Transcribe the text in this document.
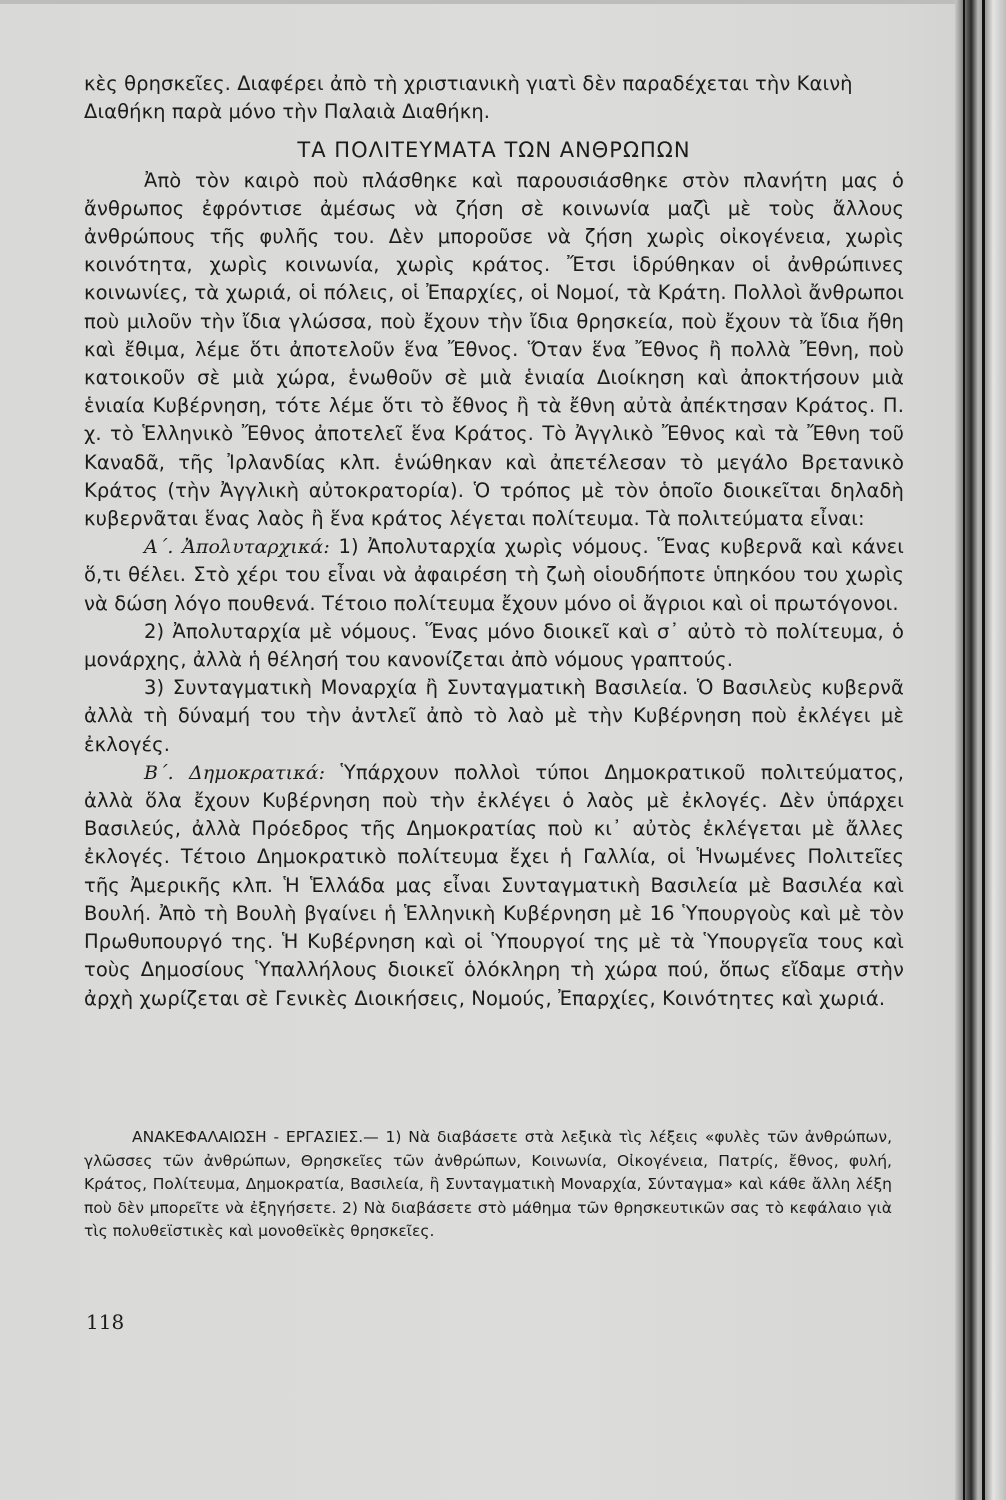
κὲς θρησκεῖες. Διαφέρει ἀπὸ τὴ χριστιανικὴ γιατὶ δὲν παραδέχεται τὴν Καινὴ
Διαθήκη παρὰ μόνο τὴν Παλαιὰ Διαθήκη.

ΤΑ ΠΟΛΙΤΕΥΜΑΤΑ ΤΩΝ ΑΝΘΡΩΠΩΝ

Ἀπὸ τὸν καιρὸ ποὺ πλάσθηκε καὶ παρουσιάσθηκε στὸν πλανήτη μας ὁ ἄνθρωπος ἐφρόντισε ἀμέσως νὰ ζήση σὲ κοινωνία μαζὶ μὲ τοὺς ἄλλους ἀνθρώπους τῆς φυλῆς του. Δὲν μποροῦσε νὰ ζήση χωρὶς οἰκογένεια, χωρὶς κοινότητα, χωρὶς κοινωνία, χωρὶς κράτος. Ἔτσι ἱδρύθηκαν οἱ ἀνθρώπινες κοινωνίες, τὰ χωριά, οἱ πόλεις, οἱ Ἐπαρχίες, οἱ Νομοί, τὰ Κράτη. Πολλοὶ ἄνθρωποι ποὺ μιλοῦν τὴν ἴδια γλώσσα, ποὺ ἔχουν τὴν ἴδια θρησκεία, ποὺ ἔχουν τὰ ἴδια ἤθη καὶ ἔθιμα, λέμε ὅτι ἀποτελοῦν ἕνα Ἔθνος. Ὅταν ἕνα Ἔθνος ἢ πολλὰ Ἔθνη, ποὺ κατοικοῦν σὲ μιὰ χώρα, ἑνωθοῦν σὲ μιὰ ἑνιαία Διοίκηση καὶ ἀποκτήσουν μιὰ ἑνιαία Κυβέρνηση, τότε λέμε ὅτι τὸ ἔθνος ἢ τὰ ἔθνη αὐτὰ ἀπέκτησαν Κράτος. Π. χ. τὸ Ἑλληνικὸ Ἔθνος ἀποτελεῖ ἕνα Κράτος. Τὸ Ἀγγλικὸ Ἔθνος καὶ τὰ Ἔθνη τοῦ Καναδᾶ, τῆς Ἰρλανδίας κλπ. ἑνώθηκαν καὶ ἀπετέλεσαν τὸ μεγάλο Βρετανικὸ Κράτος (τὴν Ἀγγλικὴ αὐτοκρατορία). Ὁ τρόπος μὲ τὸν ὁποῖο διοικεῖται δηλαδὴ κυβερνᾶται ἕνας λαὸς ἢ ἕνα κράτος λέγεται πολίτευμα. Τὰ πολιτεύματα εἶναι:

Α΄. Ἀπολυταρχικά: 1) Ἀπολυταρχία χωρὶς νόμους. Ἕνας κυβερνᾶ καὶ κάνει ὅ,τι θέλει. Στὸ χέρι του εἶναι νὰ ἀφαιρέση τὴ ζωὴ οἱουδήποτε ὑπηκόου του χωρὶς νὰ δώση λόγο πουθενά. Τέτοιο πολίτευμα ἔχουν μόνο οἱ ἄγριοι καὶ οἱ πρωτόγονοι.

2) Ἀπολυταρχία μὲ νόμους. Ἕνας μόνο διοικεῖ καὶ σ᾽ αὐτὸ τὸ πολίτευμα, ὁ μονάρχης, ἀλλὰ ἡ θέλησή του κανονίζεται ἀπὸ νόμους γραπτούς.

3) Συνταγματικὴ Μοναρχία ἢ Συνταγματικὴ Βασιλεία. Ὁ Βασιλεὺς κυβερνᾶ ἀλλὰ τὴ δύναμή του τὴν ἀντλεῖ ἀπὸ τὸ λαὸ μὲ τὴν Κυβέρνηση ποὺ ἐκλέγει μὲ ἐκλογές.

Β΄. Δημοκρατικά: Ὑπάρχουν πολλοὶ τύποι Δημοκρατικοῦ πολιτεύματος, ἀλλὰ ὅλα ἔχουν Κυβέρνηση ποὺ τὴν ἐκλέγει ὁ λαὸς μὲ ἐκλογές. Δὲν ὑπάρχει Βασιλεύς, ἀλλὰ Πρόεδρος τῆς Δημοκρατίας ποὺ κι᾽ αὐτὸς ἐκλέγεται μὲ ἄλλες ἐκλογές. Τέτοιο Δημοκρατικὸ πολίτευμα ἔχει ἡ Γαλλία, οἱ Ἡνωμένες Πολιτεῖες τῆς Ἀμερικῆς κλπ. Ἡ Ἑλλάδα μας εἶναι Συνταγματικὴ Βασιλεία μὲ Βασιλέα καὶ Βουλή. Ἀπὸ τὴ Βουλὴ βγαίνει ἡ Ἑλληνικὴ Κυβέρνηση μὲ 16 Ὑπουργοὺς καὶ μὲ τὸν Πρωθυπουργό της. Ἡ Κυβέρνηση καὶ οἱ Ὑπουργοί της μὲ τὰ Ὑπουργεῖα τους καὶ τοὺς Δημοσίους Ὑπαλλήλους διοικεῖ ὁλόκληρη τὴ χώρα πού, ὅπως εἴδαμε στὴν ἀρχὴ χωρίζεται σὲ Γενικὲς Διοικήσεις, Νομούς, Ἐπαρχίες, Κοινότητες καὶ χωριά.

ΑΝΑΚΕΦΑΛΑΙΩΣΗ - ΕΡΓΑΣΙΕΣ.— 1) Νὰ διαβάσετε στὰ λεξικὰ τὶς λέξεις «φυλὲς τῶν ἀνθρώπων, γλῶσσες τῶν ἀνθρώπων, Θρησκεῖες τῶν ἀνθρώπων, Κοινωνία, Οἰκογένεια, Πατρίς, ἔθνος, φυλή, Κράτος, Πολίτευμα, Δημοκρατία, Βασιλεία, ἢ Συνταγματικὴ Μοναρχία, Σύνταγμα» καὶ κάθε ἄλλη λέξη ποὺ δὲν μπορεῖτε νὰ ἐξηγήσετε. 2) Νὰ διαβάσετε στὸ μάθημα τῶν θρησκευτικῶν σας τὸ κεφάλαιο γιὰ τὶς πολυθεϊστικὲς καὶ μονοθεϊκὲς θρησκεῖες.
118
